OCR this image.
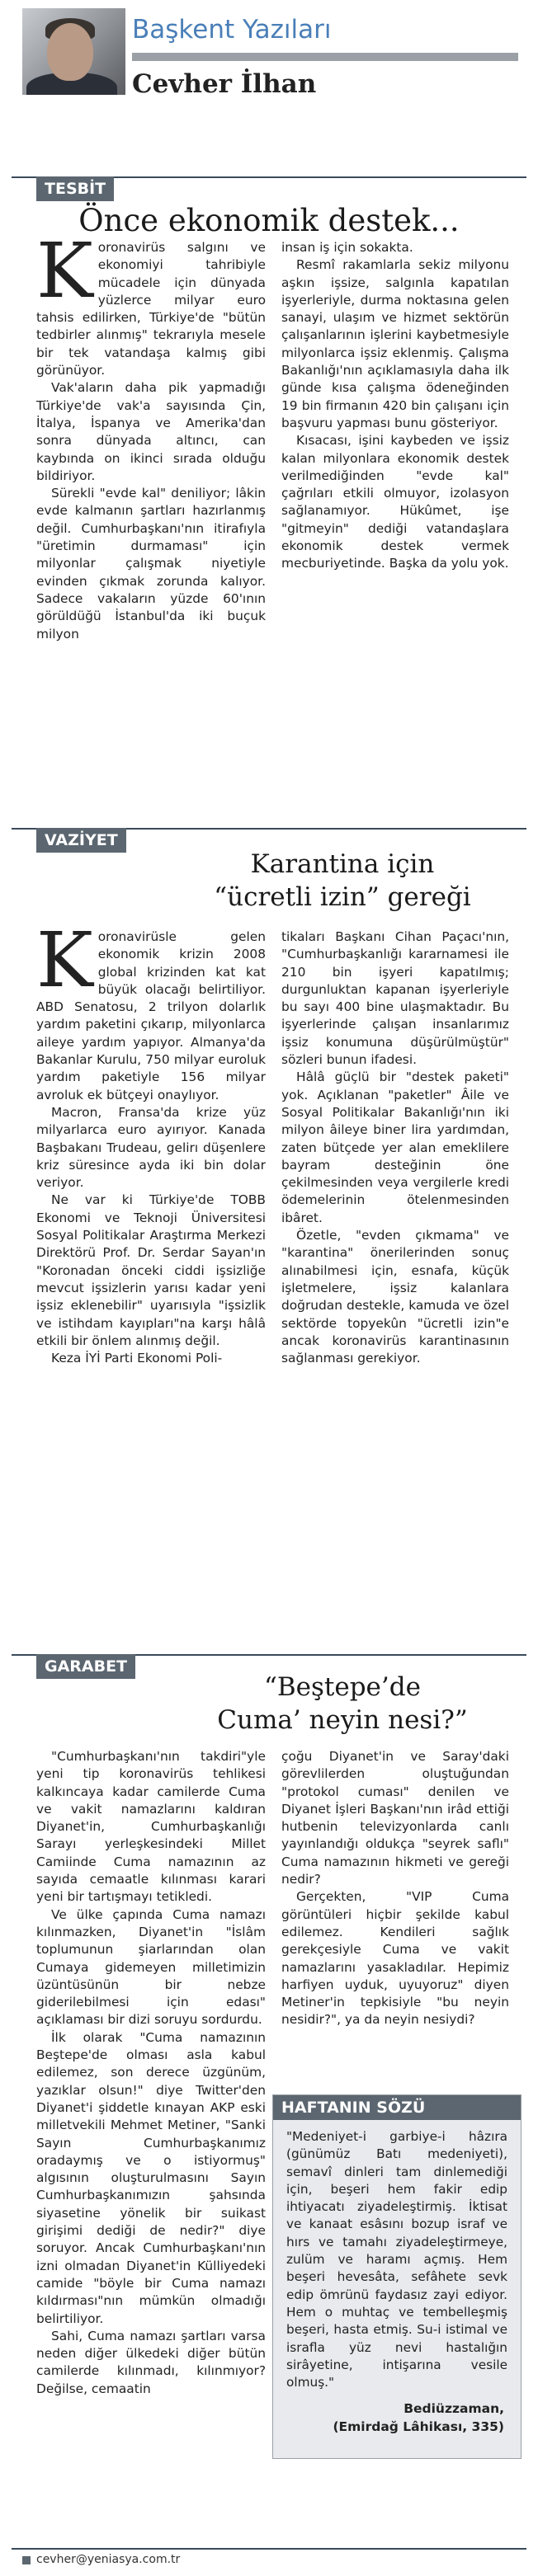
Başkent Yazıları
Cevher İlhan
TESBİT
Önce ekonomik destek...
K oronavirüs salgını ve ekonomiyi tahribiyle mücadele için dünyada yüzlerce milyar euro tahsis edilirken, Türkiye'de "bütün tedbirler alınmış" tekrarıyla mesele bir tek vatandaşa kalmış gibi görünüyor.

Vak'aların daha pik yapmadığı Türkiye'de vak'a sayısında Çin, İtalya, İspanya ve Amerika'dan sonra dünyada altıncı, can kaybında on ikinci sırada olduğu bildiriyor.

Sürekli "evde kal" deniliyor; lâkin evde kalmanın şartları hazırlanmış değil. Cumhurbaşkanı'nın itirafıyla "üretimin durmaması" için milyonlar çalışmak niyetiyle evinden çıkmak zorunda kalıyor. Sadece vakaların yüzde 60'ının görüldüğü İstanbul'da iki buçuk milyon

insan iş için sokakta.

Resmî rakamlarla sekiz milyonu aşkın işsize, salgınla kapatılan işyerleriyle, durma noktasına gelen sanayi, ulaşım ve hizmet sektörün çalışanlarının işlerini kaybetmesiyle milyonlarca işsiz eklenmiş. Çalışma Bakanlığı'nın açıklamasıyla daha ilk günde kısa çalışma ödeneğinden 19 bin firmanın 420 bin çalışanı için başvuru yapması bunu gösteriyor.

Kısacası, işini kaybeden ve işsiz kalan milyonlara ekonomik destek verilmediğinden "evde kal" çağrıları etkili olmuyor, izolasyon sağlanamıyor. Hükûmet, işe "gitmeyin" dediği vatandaşlara ekonomik destek vermek mecburiyetinde. Başka da yolu yok.

VAZİYET
Karantina için
“ücretli izin” gereği
K oronavirüsle gelen ekonomik krizin 2008 global krizinden kat kat büyük olacağı belirtiliyor. ABD Senatosu, 2 trilyon dolarlık yardım paketini çıkarıp, milyonlarca aileye yardım yapıyor. Almanya'da Bakanlar Kurulu, 750 milyar euroluk yardım paketiyle 156 milyar avroluk ek bütçeyi onaylıyor.

Macron, Fransa'da krize yüz milyarlarca euro ayırıyor. Kanada Başbakanı Trudeau, gelirı düşenlere kriz süresince ayda iki bin dolar veriyor.

Ne var ki Türkiye'de TOBB Ekonomi ve Teknoji Üniversitesi Sosyal Politikalar Araştırma Merkezi Direktörü Prof. Dr. Serdar Sayan'ın "Koronadan önceki ciddi işsizliğe mevcut işsizlerin yarısı kadar yeni işsiz eklenebilir" uyarısıyla "işsizlik ve istihdam kayıpları"na karşı hâlâ etkili bir önlem alınmış değil.

Keza İYİ Parti Ekonomi Poli-

tikaları Başkanı Cihan Paçacı'nın, "Cumhurbaşkanlığı kararnamesi ile 210 bin işyeri kapatılmış; durgunluktan kapanan işyerleriyle bu sayı 400 bine ulaşmaktadır. Bu işyerlerinde çalışan insanlarımız işsiz konumuna düşürülmüştür" sözleri bunun ifadesi.

Hâlâ güçlü bir "destek paketi" yok. Açıklanan "paketler" Âile ve Sosyal Politikalar Bakanlığı'nın iki milyon âileye biner lira yardımdan, zaten bütçede yer alan emeklilere bayram desteğinin öne çekilmesinden veya vergilerle kredi ödemelerinin ötelenmesinden ibâret.

Özetle, "evden çıkmama" ve "karantina" önerilerinden sonuç alınabilmesi için, esnafa, küçük işletmelere, işsiz kalanlara doğrudan destekle, kamuda ve özel sektörde topyekûn "ücretli izin"e ancak koronavirüs karantinasının sağlanması gerekiyor.

GARABET
“Beştepe’de
Cuma’ neyin nesi?”

"Cumhurbaşkanı'nın takdiri"yle yeni tip koronavirüs tehlikesi kalkıncaya kadar camilerde Cuma ve vakit namazlarını kaldıran Diyanet'in, Cumhurbaşkanlığı Sarayı yerleşkesindeki Millet Camiinde Cuma namazının az sayıda cemaatle kılınması karari yeni bir tartışmayı tetikledi.

Ve ülke çapında Cuma namazı kılınmazken, Diyanet'in "İslâm toplumunun şiarlarından olan Cumaya gidemeyen milletimizin üzüntüsünün bir nebze giderilebilmesi için edası" açıklaması bir dizi soruyu sordurdu.

İlk olarak "Cuma namazının Beştepe'de olması asla kabul edilemez, son derece üzgünüm, yazıklar olsun!" diye Twitter'den Diyanet'i şiddetle kınayan AKP eski milletvekili Mehmet Metiner, "Sanki Sayın Cumhurbaşkanımız oradaymış ve o istiyormuş" algısının oluşturulmasını Sayın Cumhurbaşkanımızın şahsında siyasetine yönelik bir suikast girişimi dediği de nedir?" diye soruyor. Ancak Cumhurbaşkanı'nın izni olmadan Diyanet'in Külliyedeki camide "böyle bir Cuma namazı kıldırması"nın mümkün olmadığı belirtiliyor.

Sahi, Cuma namazı şartları varsa neden diğer ülkedeki diğer bütün camilerde kılınmadı, kılınmıyor? Değilse, cemaatin

çoğu Diyanet'in ve Saray'daki görevlilerden oluştuğundan "protokol cuması" denilen ve Diyanet İşleri Başkanı'nın irâd ettiği hutbenin televizyonlarda canlı yayınlandığı oldukça "seyrek saflı" Cuma namazının hikmeti ve gereği nedir?

Gerçekten, "VIP Cuma görüntüleri hiçbir şekilde kabul edilemez. Kendileri sağlık gerekçesiyle Cuma ve vakit namazlarını yasakladılar. Hepimiz harfiyen uyduk, uyuyoruz" diyen Metiner'in tepkisiyle "bu neyin nesidir?", ya da neyin nesiydi?

HAFTANIN SÖZÜ
"Medeniyet-i garbiye-i hâzıra (günümüz Batı medeniyeti), semavî dinleri tam dinlemediği için, beşeri hem fakir edip ihtiyacatı ziyadeleştirmiş. İktisat ve kanaat esâsını bozup israf ve hırs ve tamahı ziyadeleştirmeye, zulüm ve haramı açmış. Hem beşeri hevesâta, sefâhete sevk edip ömrünü faydasız zayi ediyor. Hem o muhtaç ve tembelleşmiş beşeri, hasta etmiş. Su-i istimal ve israfla yüz nevi hastalığın sirâyetine, intişarına vesile olmuş."
Bediüzzaman,
(Emirdağ Lâhikası, 335)
cevher@yeniasya.com.tr
